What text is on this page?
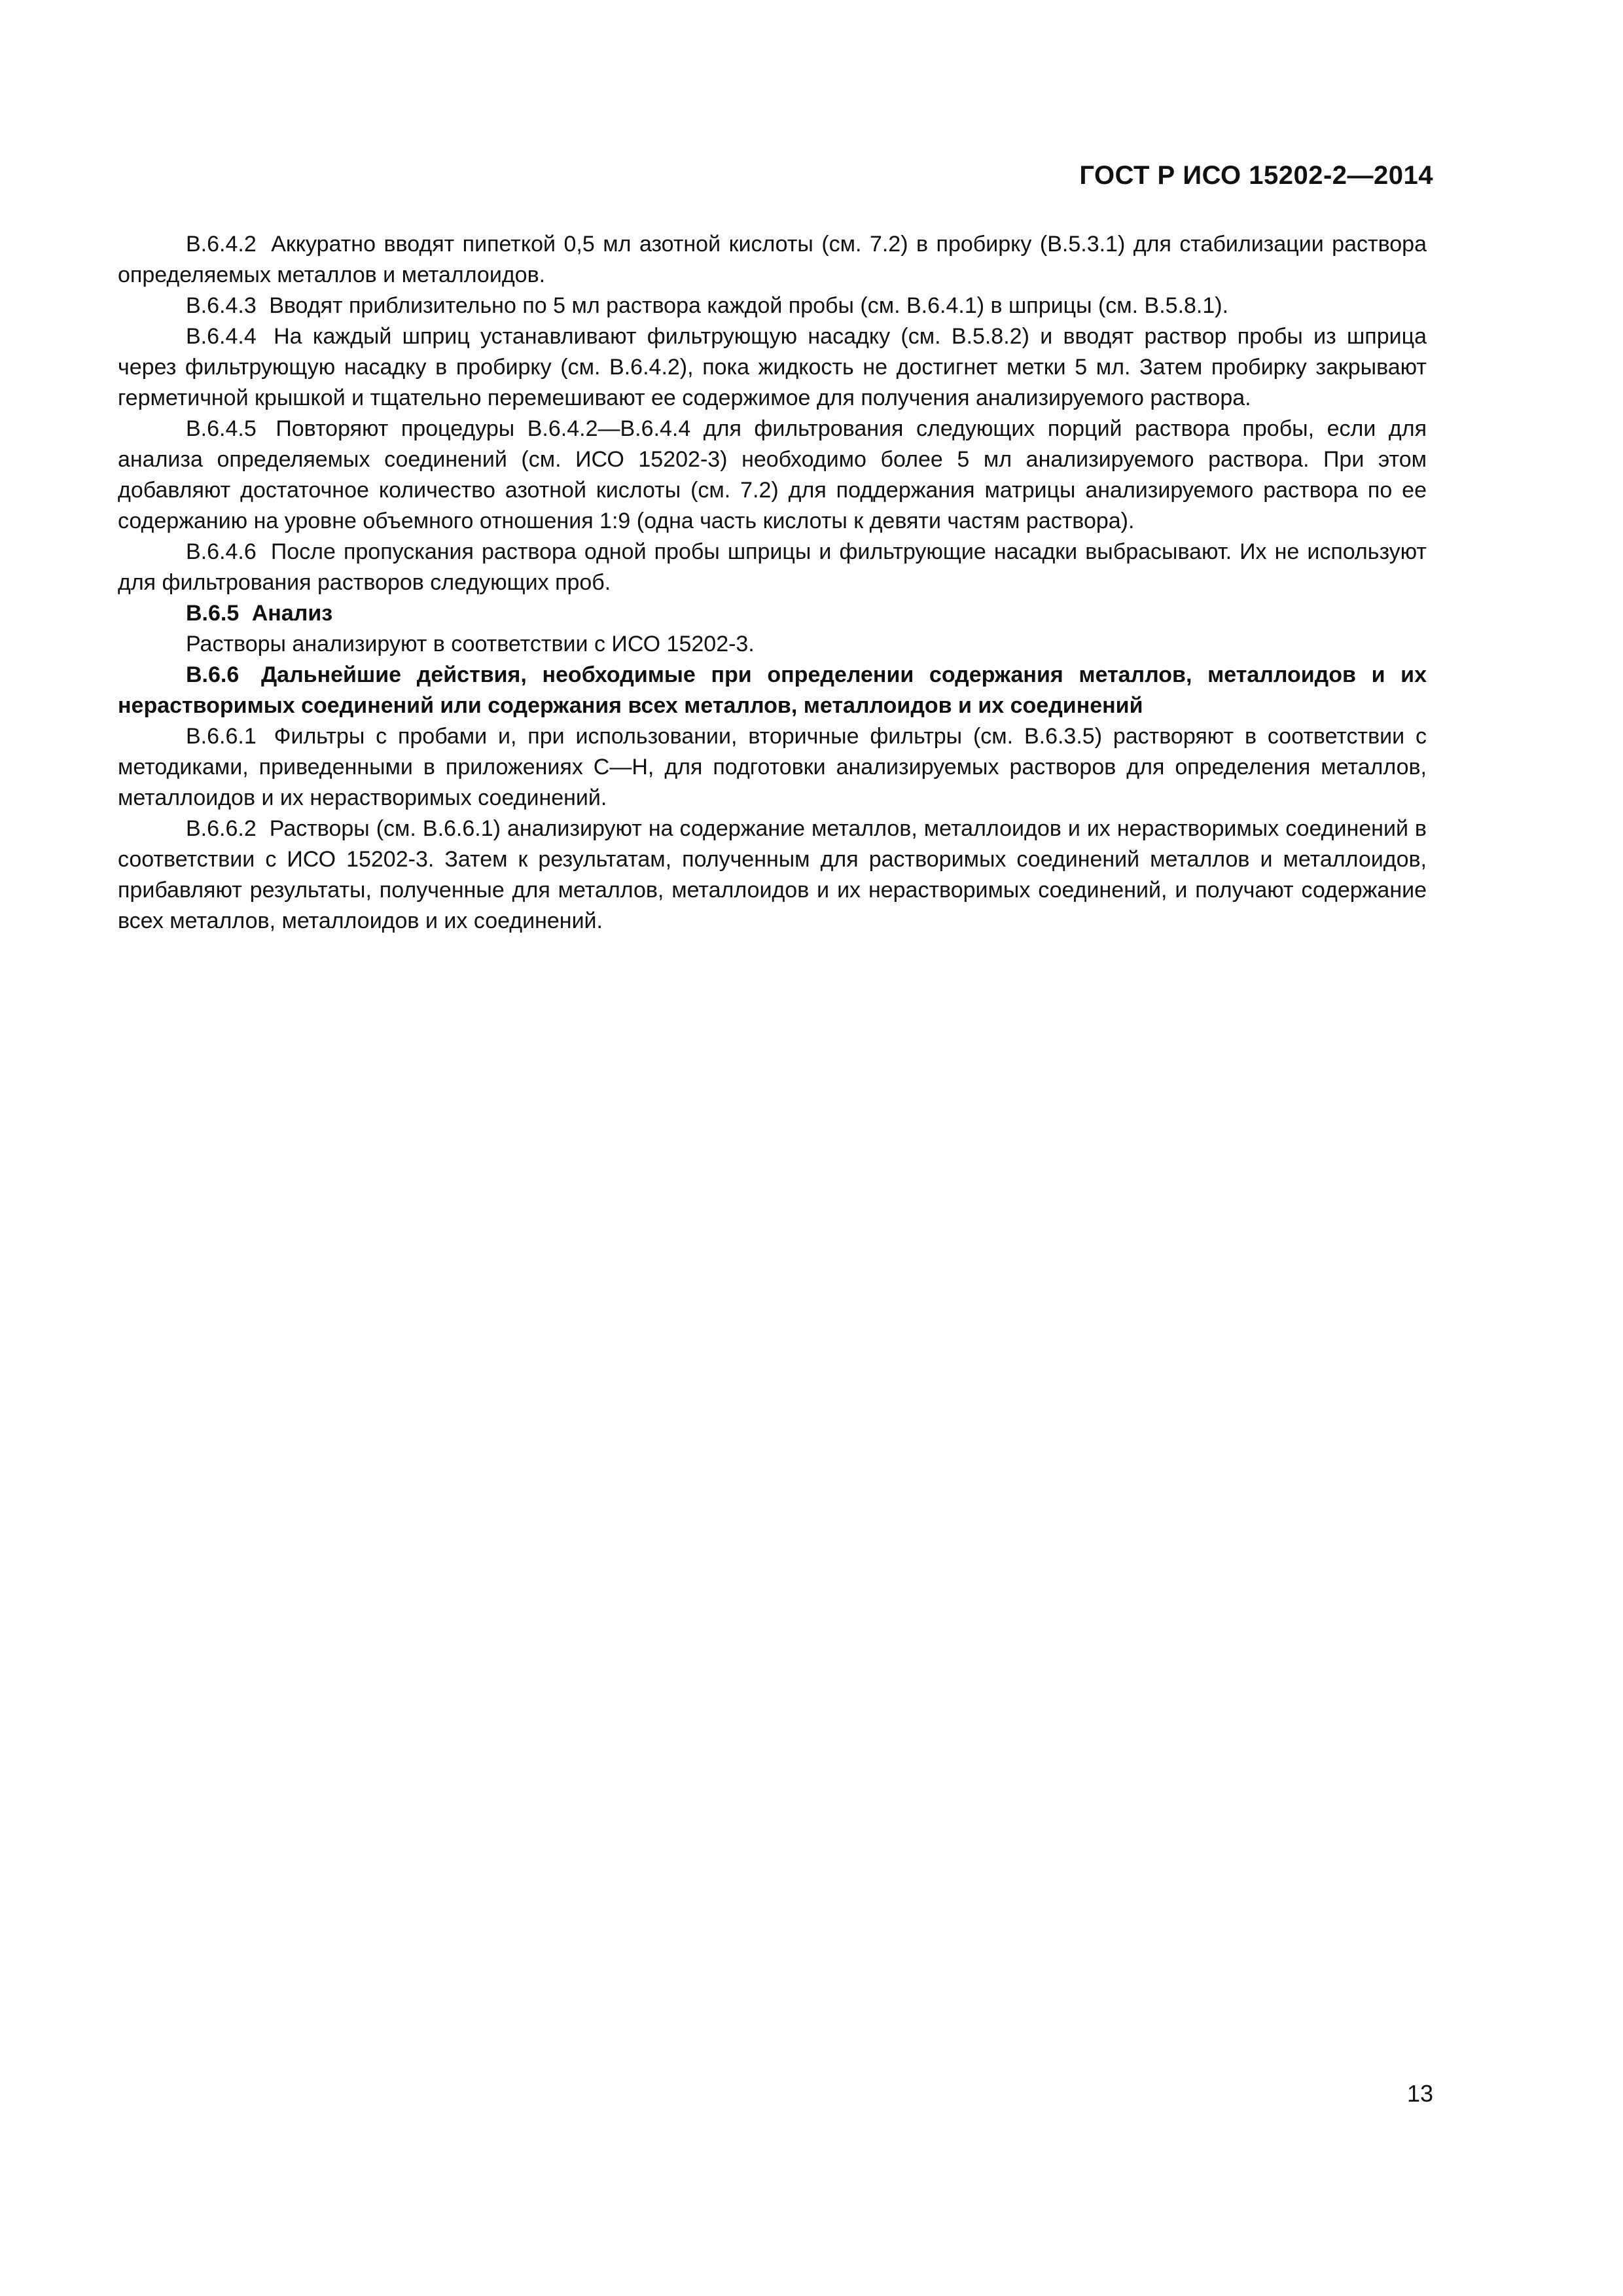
ГОСТ Р ИСО 15202-2—2014

B.6.4.2 Аккуратно вводят пипеткой 0,5 мл азотной кислоты (см. 7.2) в пробирку (В.5.3.1) для стабилизации раствора определяемых металлов и металлоидов.

B.6.4.3 Вводят приблизительно по 5 мл раствора каждой пробы (см. В.6.4.1) в шприцы (см. В.5.8.1).

B.6.4.4 На каждый шприц устанавливают фильтрующую насадку (см. В.5.8.2) и вводят раствор пробы из шприца через фильтрующую насадку в пробирку (см. В.6.4.2), пока жидкость не достигнет метки 5 мл. Затем пробирку закрывают герметичной крышкой и тщательно перемешивают ее содержимое для получения анализируемого раствора.

B.6.4.5 Повторяют процедуры В.6.4.2—В.6.4.4 для фильтрования следующих порций раствора пробы, если для анализа определяемых соединений (см. ИСО 15202-3) необходимо более 5 мл анализируемого раствора. При этом добавляют достаточное количество азотной кислоты (см. 7.2) для поддержания матрицы анализируемого раствора по ее содержанию на уровне объемного отношения 1:9 (одна часть кислоты к девяти частям раствора).

B.6.4.6 После пропускания раствора одной пробы шприцы и фильтрующие насадки выбрасывают. Их не используют для фильтрования растворов следующих проб.

B.6.5 Анализ

Растворы анализируют в соответствии с ИСО 15202-3.

B.6.6 Дальнейшие действия, необходимые при определении содержания металлов, металлоидов и их нерастворимых соединений или содержания всех металлов, металлоидов и их соединений

B.6.6.1 Фильтры с пробами и, при использовании, вторичные фильтры (см. В.6.3.5) растворяют в соответствии с методиками, приведенными в приложениях С—Н, для подготовки анализируемых растворов для определения металлов, металлоидов и их нерастворимых соединений.

B.6.6.2 Растворы (см. В.6.6.1) анализируют на содержание металлов, металлоидов и их нерастворимых соединений в соответствии с ИСО 15202-3. Затем к результатам, полученным для растворимых соединений металлов и металлоидов, прибавляют результаты, полученные для металлов, металлоидов и их нерастворимых соединений, и получают содержание всех металлов, металлоидов и их соединений.

13
